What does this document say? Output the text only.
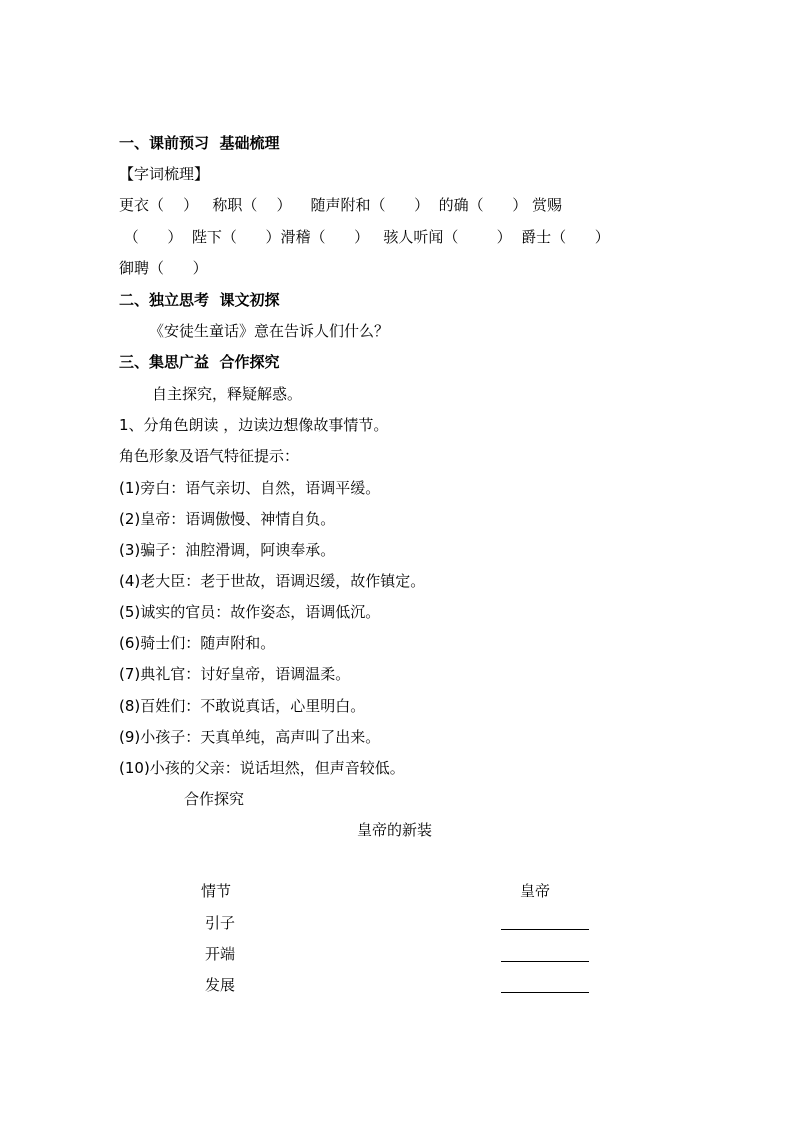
一、课前预习  基础梳理
【字词梳理】
更衣（    ）   称职（    ）    随声附和（      ）  的确（      ） 赏赐
（      ）  陛下（      ）滑稽（      ）   骇人听闻（        ）  爵士（      ）
御聘（      ）
二、独立思考  课文初探
《安徒生童话》意在告诉人们什么？
三、集思广益  合作探究
自主探究，释疑解惑。
1、分角色朗读 ，边读边想像故事情节。
角色形象及语气特征提示：
(1)旁白：语气亲切、自然，语调平缓。
(2)皇帝：语调傲慢、神情自负。
(3)骗子：油腔滑调，阿谀奉承。
(4)老大臣：老于世故，语调迟缓，故作镇定。
(5)诚实的官员：故作姿态，语调低沉。
(6)骑士们：随声附和。
(7)典礼官：讨好皇帝，语调温柔。
(8)百姓们：不敢说真话，心里明白。
(9)小孩子：天真单纯，高声叫了出来。
(10)小孩的父亲：说话坦然，但声音较低。
合作探究
皇帝的新装
情节	皇帝
引子
开端
发展
